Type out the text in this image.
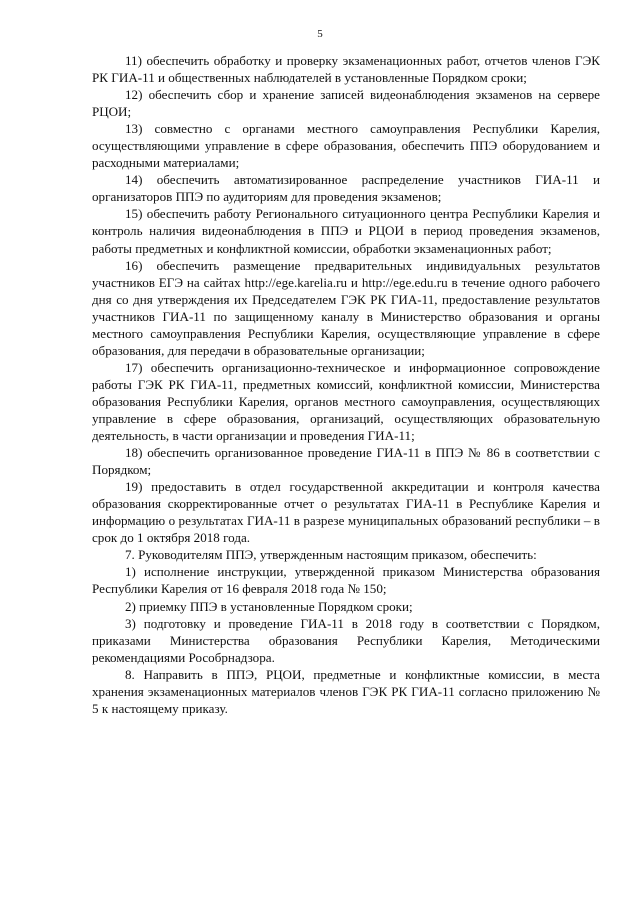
5

11) обеспечить обработку и проверку экзаменационных работ, отчетов членов ГЭК РК ГИА-11 и общественных наблюдателей в установленные Порядком сроки;

12) обеспечить сбор и хранение записей видеонаблюдения экзаменов на сервере РЦОИ;

13) совместно с органами местного самоуправления Республики Карелия, осуществляющими управление в сфере образования, обеспечить ППЭ оборудованием и расходными материалами;

14) обеспечить автоматизированное распределение участников ГИА-11 и организаторов ППЭ по аудиториям для проведения экзаменов;

15) обеспечить работу Регионального ситуационного центра Республики Карелия и контроль наличия видеонаблюдения в ППЭ и РЦОИ в период проведения экзаменов, работы предметных и конфликтной комиссии, обработки экзаменационных работ;

16) обеспечить размещение предварительных индивидуальных результатов участников ЕГЭ на сайтах http://ege.karelia.ru и http://ege.edu.ru в течение одного рабочего дня со дня утверждения их Председателем ГЭК РК ГИА-11, предоставление результатов участников ГИА-11 по защищенному каналу в Министерство образования и органы местного самоуправления Республики Карелия, осуществляющие управление в сфере образования, для передачи в образовательные организации;

17) обеспечить организационно-техническое и информационное сопровождение работы ГЭК РК ГИА-11, предметных комиссий, конфликтной комиссии, Министерства образования Республики Карелия, органов местного самоуправления, осуществляющих управление в сфере образования, организаций, осуществляющих образовательную деятельность, в части организации и проведения ГИА-11;

18) обеспечить организованное проведение ГИА-11 в ППЭ № 86 в соответствии с Порядком;

19) предоставить в отдел государственной аккредитации и контроля качества образования скорректированные отчет о результатах ГИА-11 в Республике Карелия и информацию о результатах ГИА-11 в разрезе муниципальных образований республики – в срок до 1 октября 2018 года.

7. Руководителям ППЭ, утвержденным настоящим приказом, обеспечить:

1) исполнение инструкции, утвержденной приказом Министерства образования Республики Карелия от 16 февраля 2018 года № 150;

2) приемку ППЭ в установленные Порядком сроки;

3) подготовку и проведение ГИА-11 в 2018 году в соответствии с Порядком, приказами Министерства образования Республики Карелия, Методическими рекомендациями Рособрнадзора.

8. Направить в ППЭ, РЦОИ, предметные и конфликтные комиссии, в места хранения экзаменационных материалов членов ГЭК РК ГИА-11 согласно приложению № 5 к настоящему приказу.
